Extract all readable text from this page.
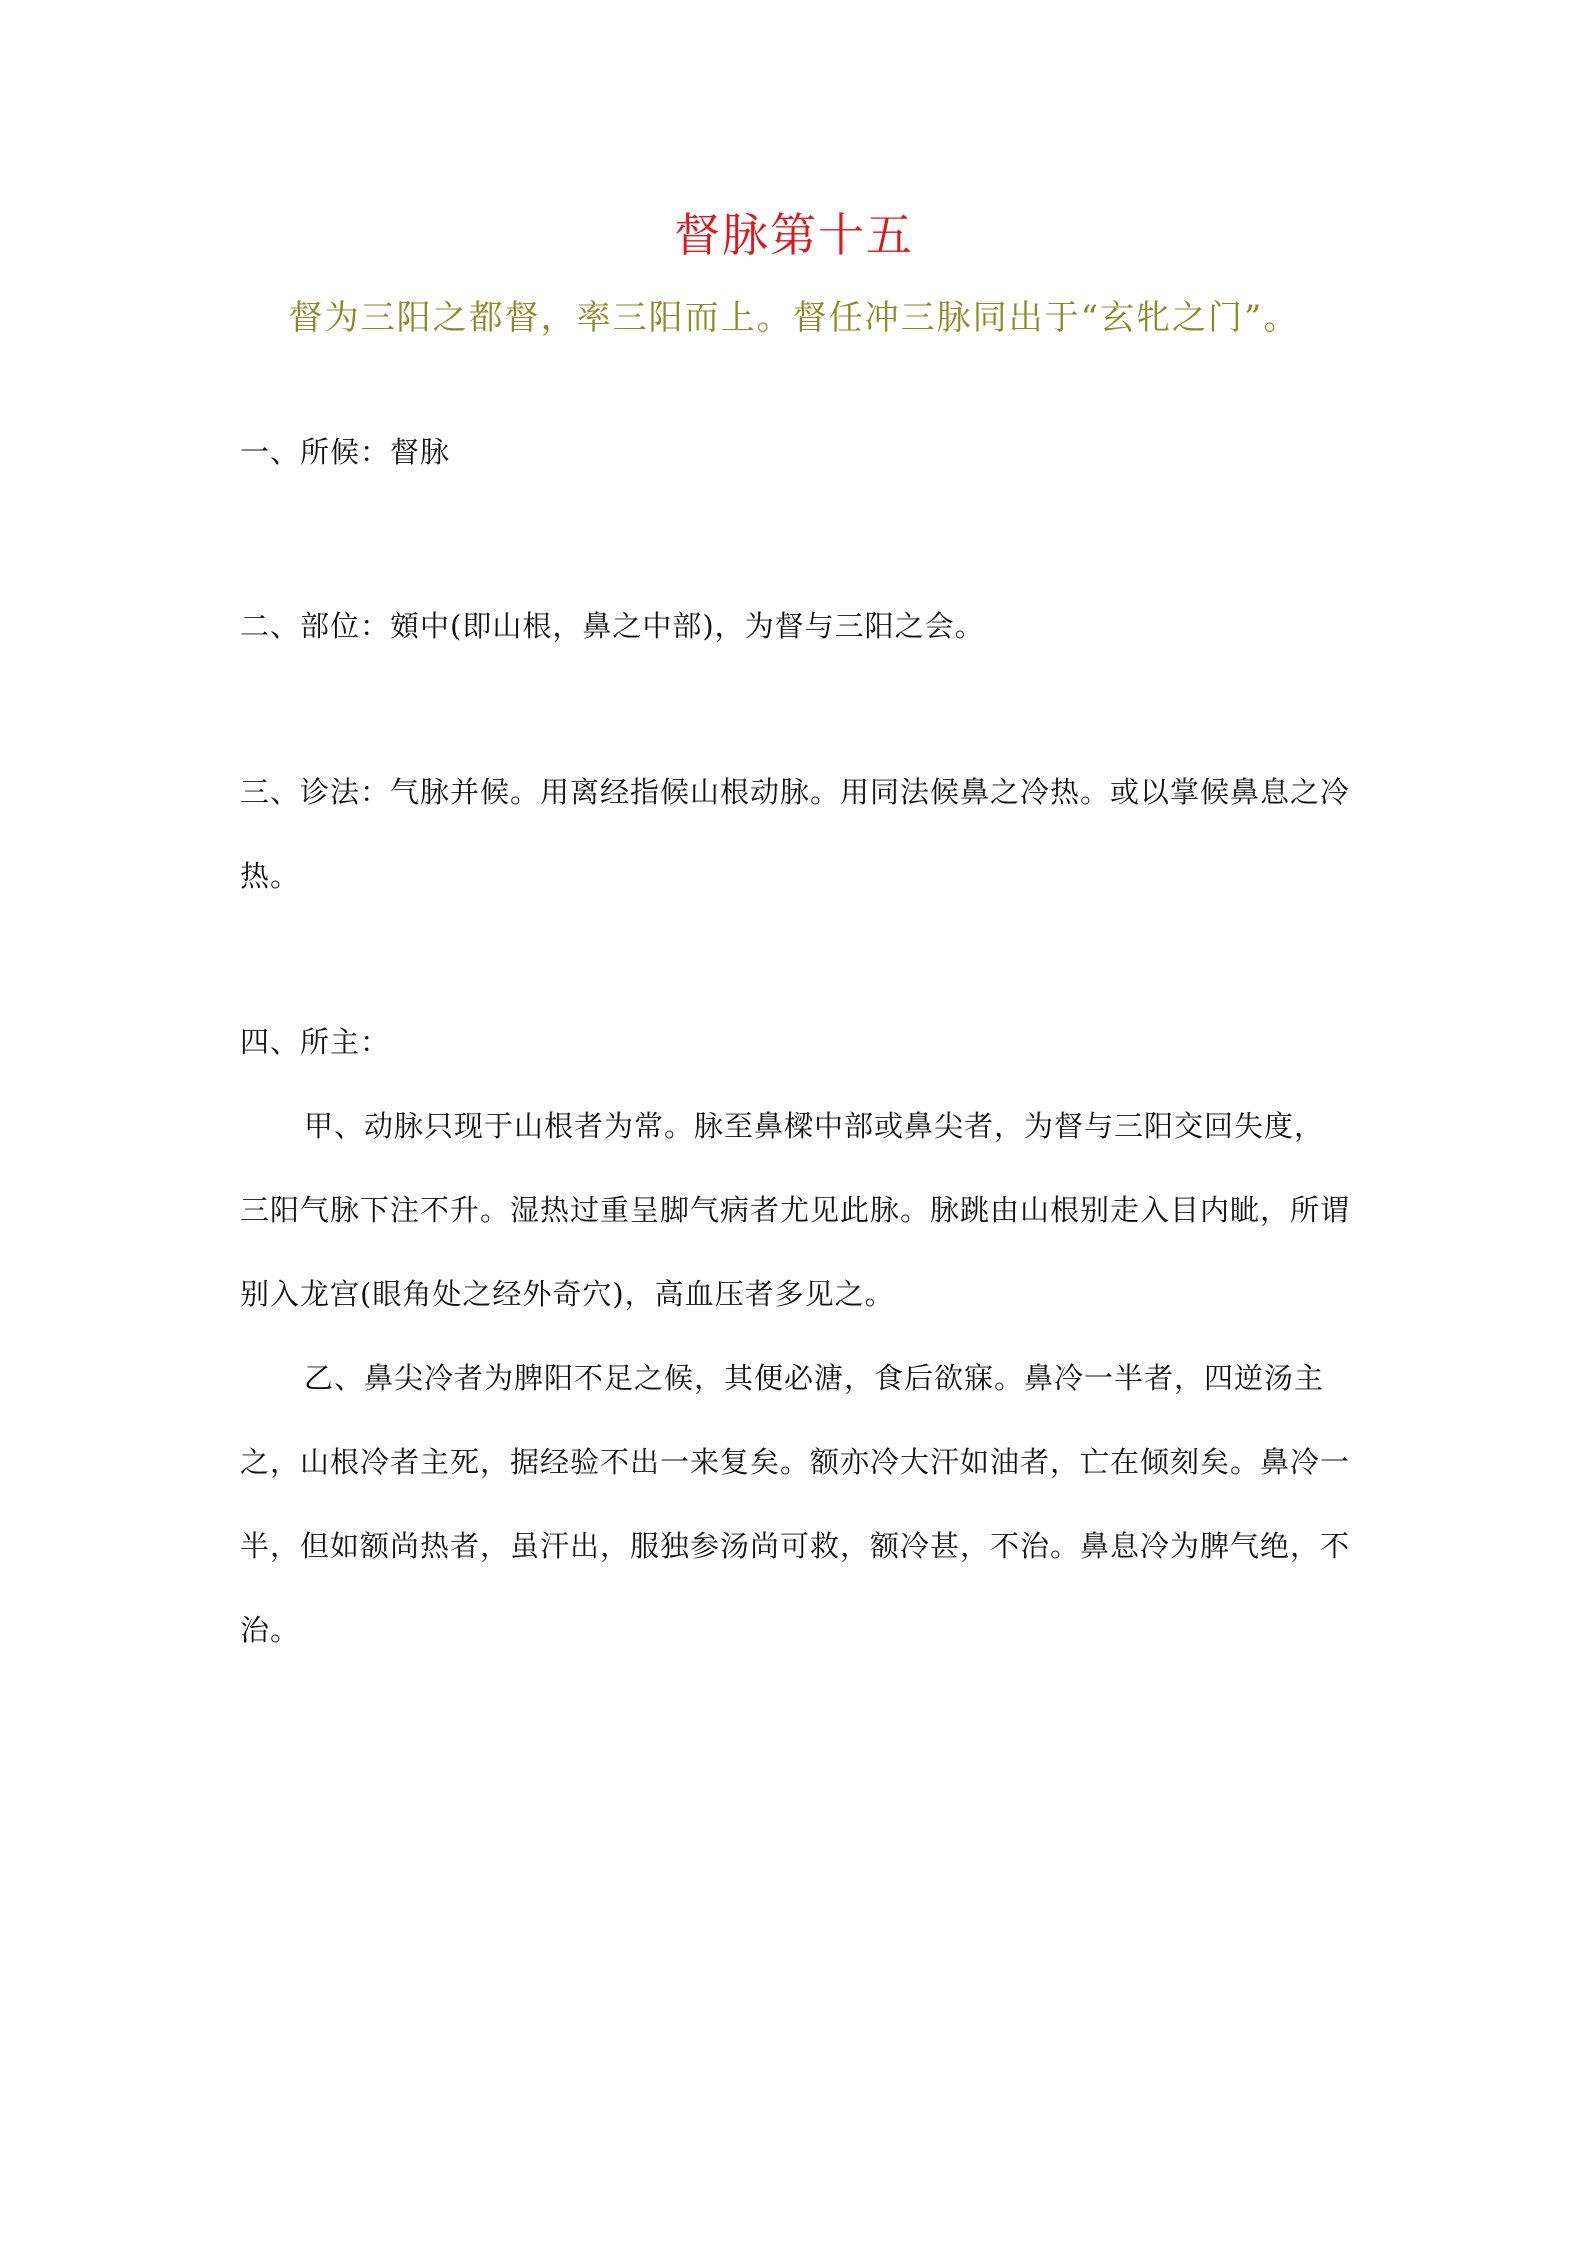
督脉第十五
督为三阳之都督，率三阳而上。督任冲三脉同出于“玄牝之门”。

一、所候：督脉

二、部位：頞中(即山根，鼻之中部)，为督与三阳之会。

三、诊法：气脉并候。用离经指候山根动脉。用同法候鼻之冷热。或以掌候鼻息之冷热。

四、所主：

甲、动脉只现于山根者为常。脉至鼻樑中部或鼻尖者，为督与三阳交回失度，三阳气脉下注不升。湿热过重呈脚气病者尤见此脉。脉跳由山根别走入目内眦，所谓别入龙宫(眼角处之经外奇穴)，高血压者多见之。

乙、鼻尖冷者为脾阳不足之候，其便必溏，食后欲寐。鼻冷一半者，四逆汤主之，山根冷者主死，据经验不出一来复矣。额亦冷大汗如油者，亡在倾刻矣。鼻冷一半，但如额尚热者，虽汗出，服独参汤尚可救，额冷甚，不治。鼻息冷为脾气绝，不治。
